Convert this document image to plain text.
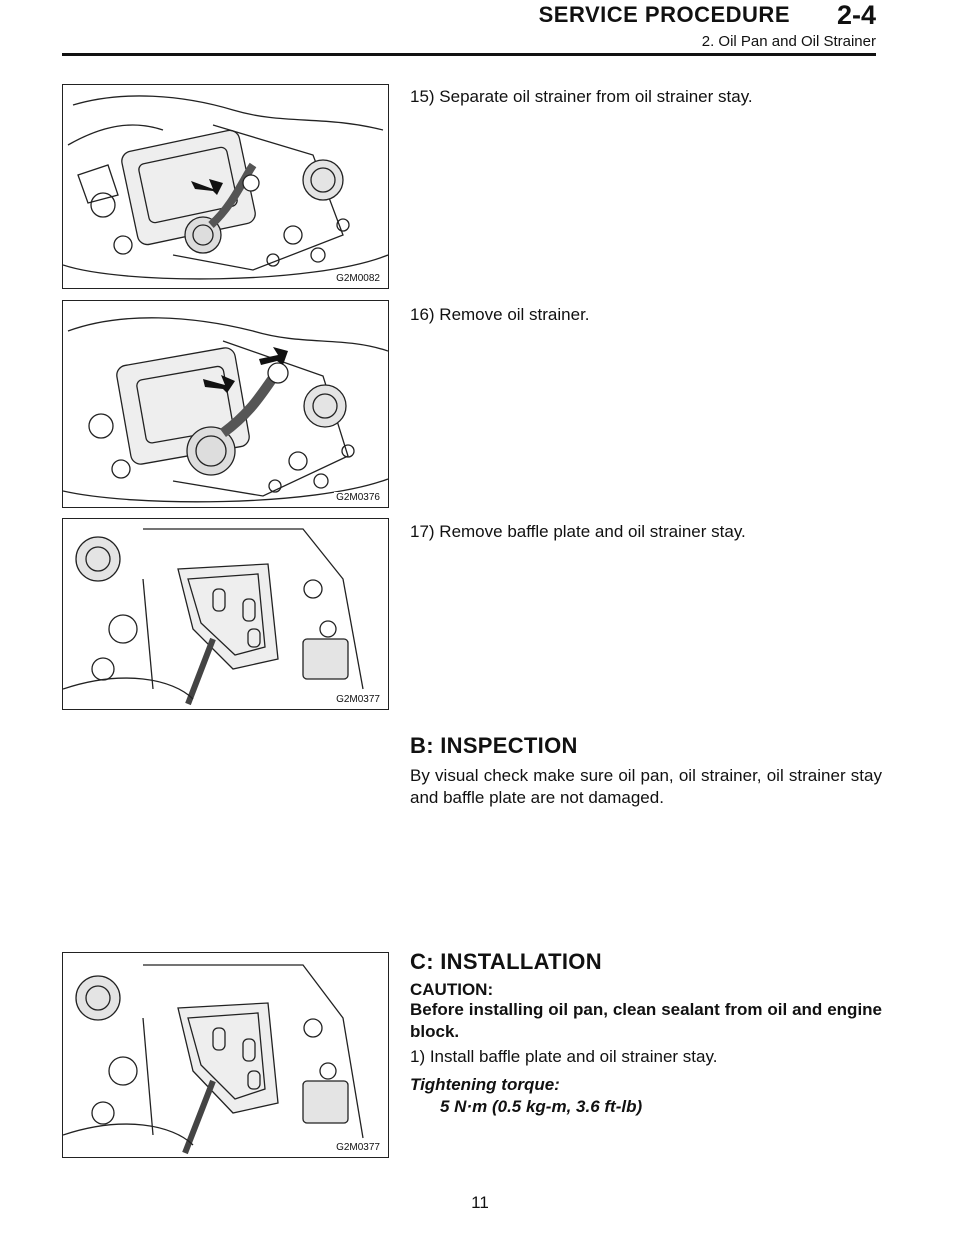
SERVICE PROCEDURE 2-4
2. Oil Pan and Oil Strainer
G2M0082
15) Separate oil strainer from oil strainer stay.
G2M0376
16) Remove oil strainer.
G2M0377
17) Remove baffle plate and oil strainer stay.
B: INSPECTION
By visual check make sure oil pan, oil strainer, oil strainer stay and baffle plate are not damaged.
G2M0377
C: INSTALLATION
CAUTION:
Before installing oil pan, clean sealant from oil and engine block.
1) Install baffle plate and oil strainer stay.
Tightening torque:
5 N·m (0.5 kg-m, 3.6 ft-lb)
11
